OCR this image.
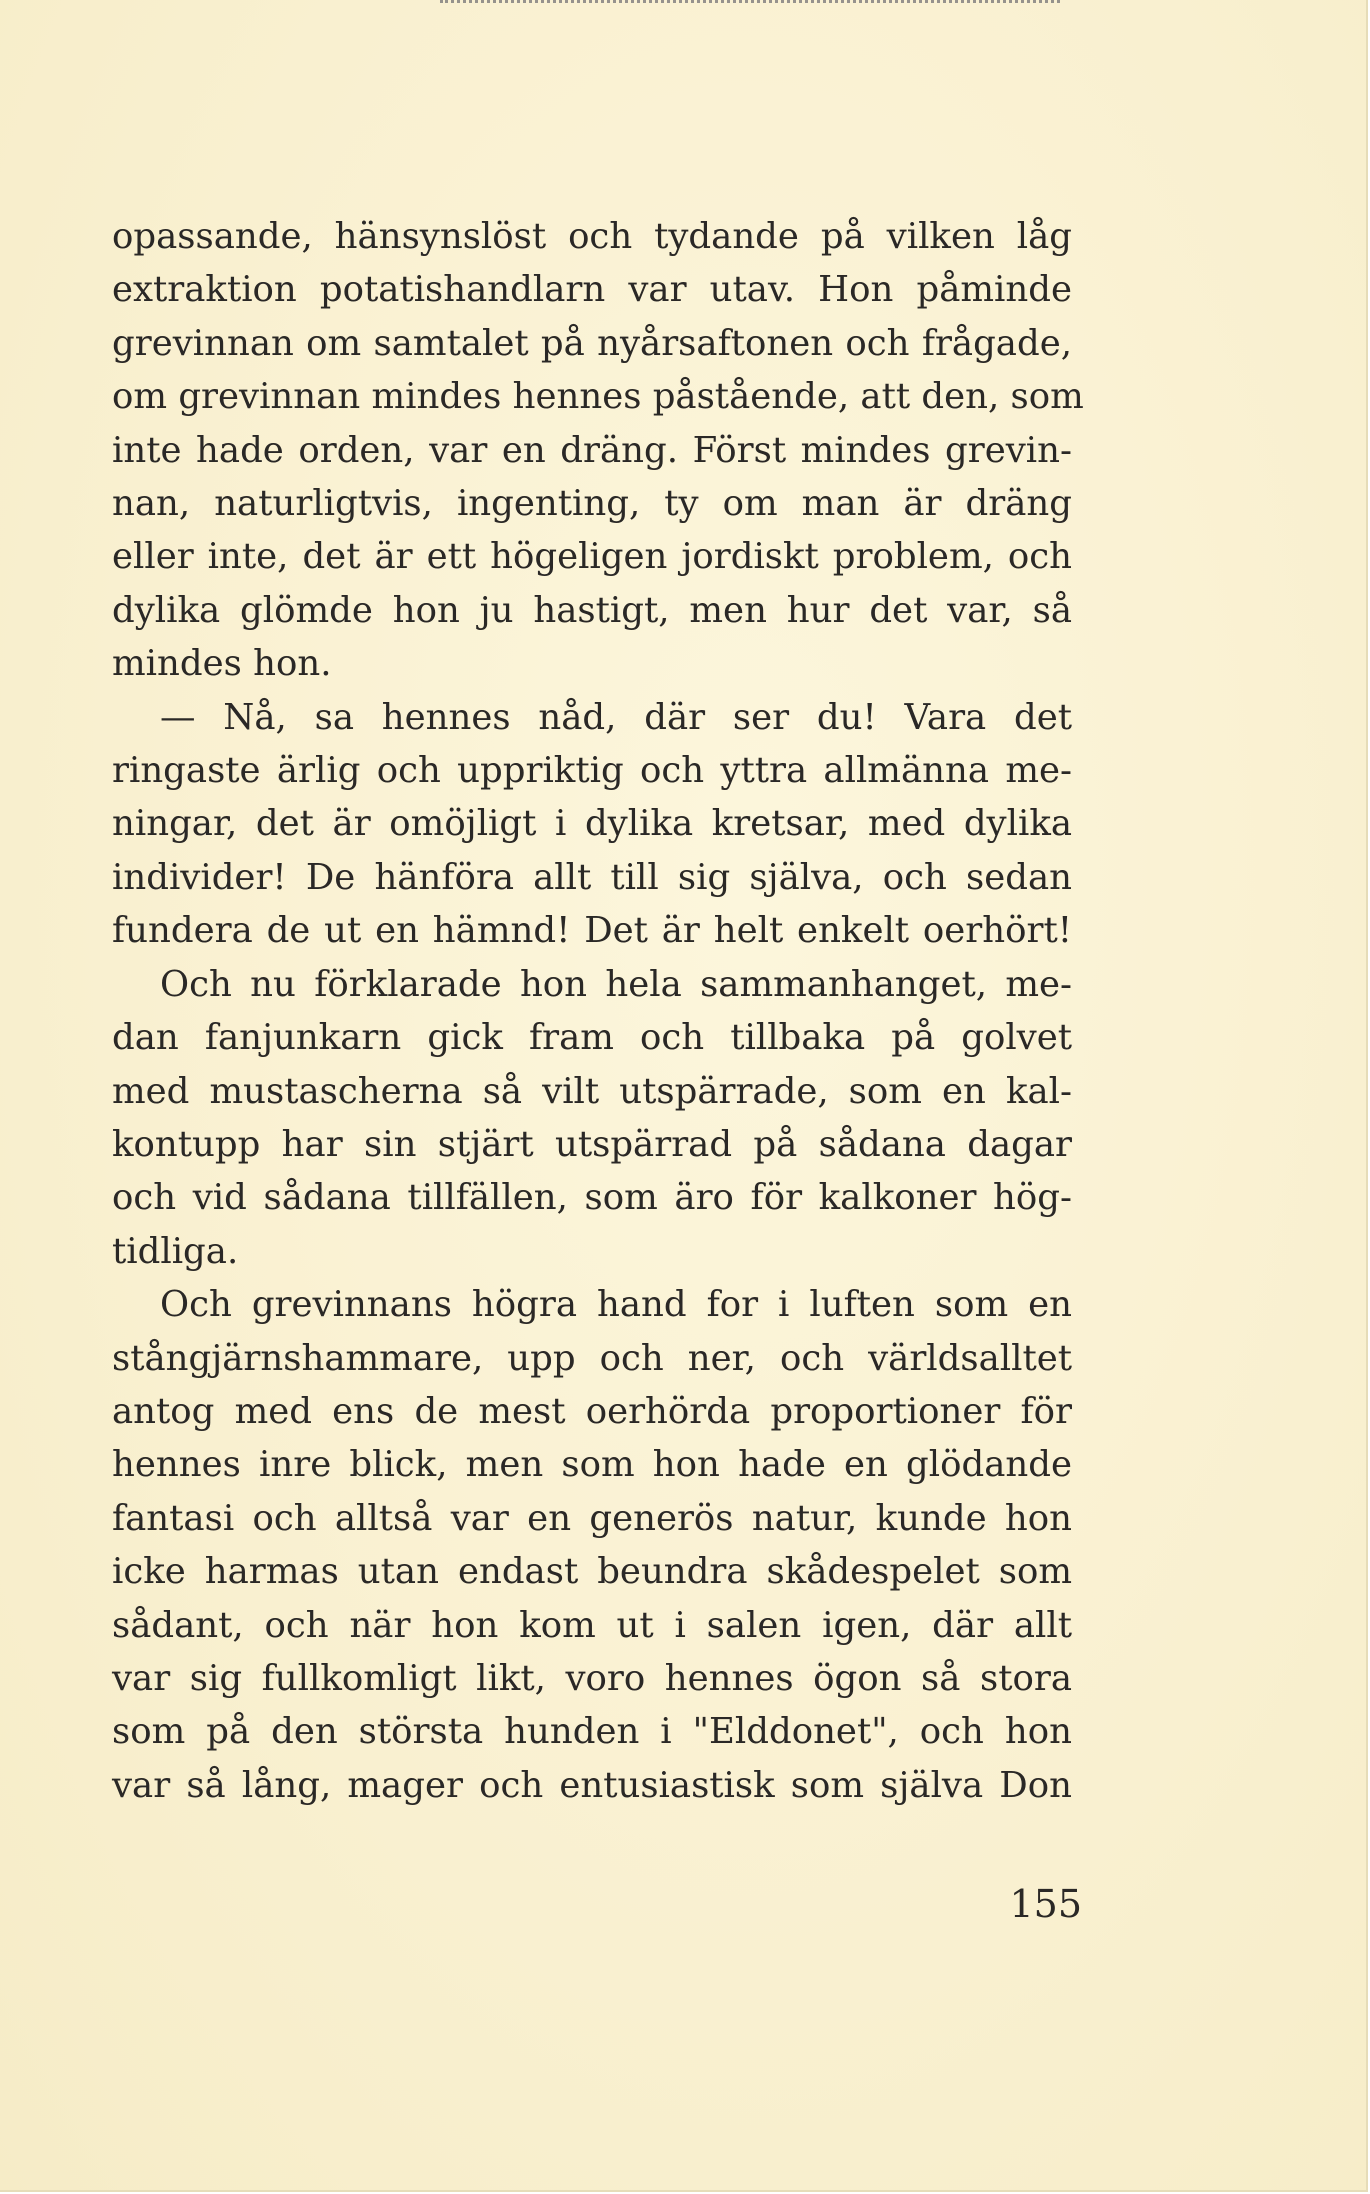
opassande, hänsynslöst och tydande på vilken låg
extraktion potatishandlarn var utav. Hon påminde
grevinnan om samtalet på nyårsaftonen och frågade,
om grevinnan mindes hennes påstående, att den, som
inte hade orden, var en dräng. Först mindes grevin-
nan, naturligtvis, ingenting, ty om man är dräng
eller inte, det är ett högeligen jordiskt problem, och
dylika glömde hon ju hastigt, men hur det var, så
mindes hon.
— Nå, sa hennes nåd, där ser du! Vara det
ringaste ärlig och uppriktig och yttra allmänna me-
ningar, det är omöjligt i dylika kretsar, med dylika
individer! De hänföra allt till sig själva, och sedan
fundera de ut en hämnd! Det är helt enkelt oerhört!
Och nu förklarade hon hela sammanhanget, me-
dan fanjunkarn gick fram och tillbaka på golvet
med mustascherna så vilt utspärrade, som en kal-
kontupp har sin stjärt utspärrad på sådana dagar
och vid sådana tillfällen, som äro för kalkoner hög-
tidliga.
Och grevinnans högra hand for i luften som en
stångjärnshammare, upp och ner, och världsalltet
antog med ens de mest oerhörda proportioner för
hennes inre blick, men som hon hade en glödande
fantasi och alltså var en generös natur, kunde hon
icke harmas utan endast beundra skådespelet som
sådant, och när hon kom ut i salen igen, där allt
var sig fullkomligt likt, voro hennes ögon så stora
som på den största hunden i "Elddonet", och hon
var så lång, mager och entusiastisk som själva Don
155
